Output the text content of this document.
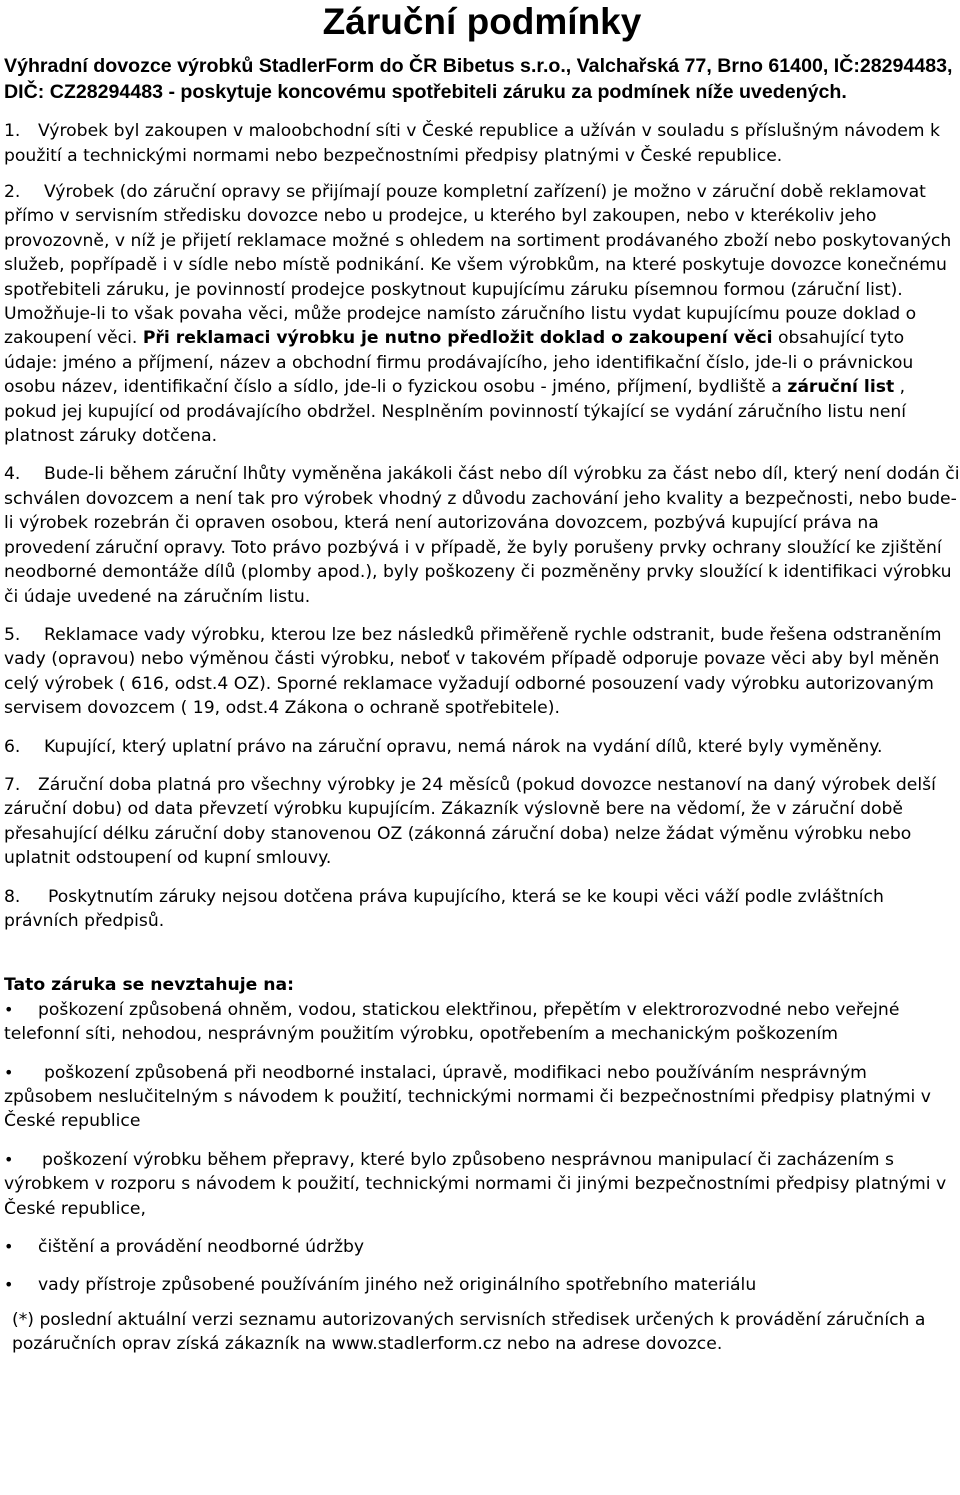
Záruční podmínky
Výhradní dovozce výrobků StadlerForm do ČR Bibetus s.r.o., Valchařská 77, Brno 61400, IČ:28294483, DIČ: CZ28294483 - poskytuje koncovému spotřebiteli záruku za podmínek níže uvedených.

1. Výrobek byl zakoupen v maloobchodní síti v České republice a užíván v souladu s příslušným návodem k použití a technickými normami nebo bezpečnostními předpisy platnými v České republice.

2. Výrobek (do záruční opravy se přijímají pouze kompletní zařízení) je možno v záruční době reklamovat přímo v servisním středisku dovozce nebo u prodejce, u kterého byl zakoupen, nebo v kterékoliv jeho provozovně, v níž je přijetí reklamace možné s ohledem na sortiment prodávaného zboží nebo poskytovaných služeb, popřípadě i v sídle nebo místě podnikání. Ke všem výrobkům, na které poskytuje dovozce konečnému spotřebiteli záruku, je povinností prodejce poskytnout kupujícímu záruku písemnou formou (záruční list). Umožňuje-li to však povaha věci, může prodejce namísto záručního listu vydat kupujícímu pouze doklad o zakoupení věci. Při reklamaci výrobku je nutno předložit doklad o zakoupení věci obsahující tyto údaje: jméno a příjmení, název a obchodní firmu prodávajícího, jeho identifikační číslo, jde-li o právnickou osobu název, identifikační číslo a sídlo, jde-li o fyzickou osobu - jméno, příjmení, bydliště a záruční list , pokud jej kupující od prodávajícího obdržel. Nesplněním povinností týkající se vydání záručního listu není platnost záruky dotčena.

4. Bude-li během záruční lhůty vyměněna jakákoli část nebo díl výrobku za část nebo díl, který není dodán či schválen dovozcem a není tak pro výrobek vhodný z důvodu zachování jeho kvality a bezpečnosti, nebo bude-li výrobek rozebrán či opraven osobou, která není autorizována dovozcem, pozbývá kupující práva na provedení záruční opravy. Toto právo pozbývá i v případě, že byly porušeny prvky ochrany sloužící ke zjištění neodborné demontáže dílů (plomby apod.), byly poškozeny či pozměněny prvky sloužící k identifikaci výrobku či údaje uvedené na záručním listu.

5. Reklamace vady výrobku, kterou lze bez následků přiměřeně rychle odstranit, bude řešena odstraněním vady (opravou) nebo výměnou části výrobku, neboť v takovém případě odporuje povaze věci aby byl měněn celý výrobek ( 616, odst.4 OZ). Sporné reklamace vyžadují odborné posouzení vady výrobku autorizovaným servisem dovozcem ( 19, odst.4 Zákona o ochraně spotřebitele).

6. Kupující, který uplatní právo na záruční opravu, nemá nárok na vydání dílů, které byly vyměněny.

7. Záruční doba platná pro všechny výrobky je 24 měsíců (pokud dovozce nestanoví na daný výrobek delší záruční dobu) od data převzetí výrobku kupujícím. Zákazník výslovně bere na vědomí, že v záruční době přesahující délku záruční doby stanovenou OZ (zákonná záruční doba) nelze žádat výměnu výrobku nebo uplatnit odstoupení od kupní smlouvy.

8. Poskytnutím záruky nejsou dotčena práva kupujícího, která se ke koupi věci váží podle zvláštních právních předpisů.

Tato záruka se nevztahuje na:

• poškození způsobená ohněm, vodou, statickou elektřinou, přepětím v elektrorozvodné nebo veřejné telefonní síti, nehodou, nesprávným použitím výrobku, opotřebením a mechanickým poškozením
• poškození způsobená při neodborné instalaci, úpravě, modifikaci nebo používáním nesprávným způsobem neslučitelným s návodem k použití, technickými normami či bezpečnostními předpisy platnými v České republice
• poškození výrobku během přepravy, které bylo způsobeno nesprávnou manipulací či zacházením s výrobkem v rozporu s návodem k použití, technickými normami či jinými bezpečnostními předpisy platnými v České republice,
• čištění a provádění neodborné údržby
• vady přístroje způsobené používáním jiného než originálního spotřebního materiálu

(*) poslední aktuální verzi seznamu autorizovaných servisních středisek určených k provádění záručních a pozáručních oprav získá zákazník na www.stadlerform.cz nebo na adrese dovozce.
